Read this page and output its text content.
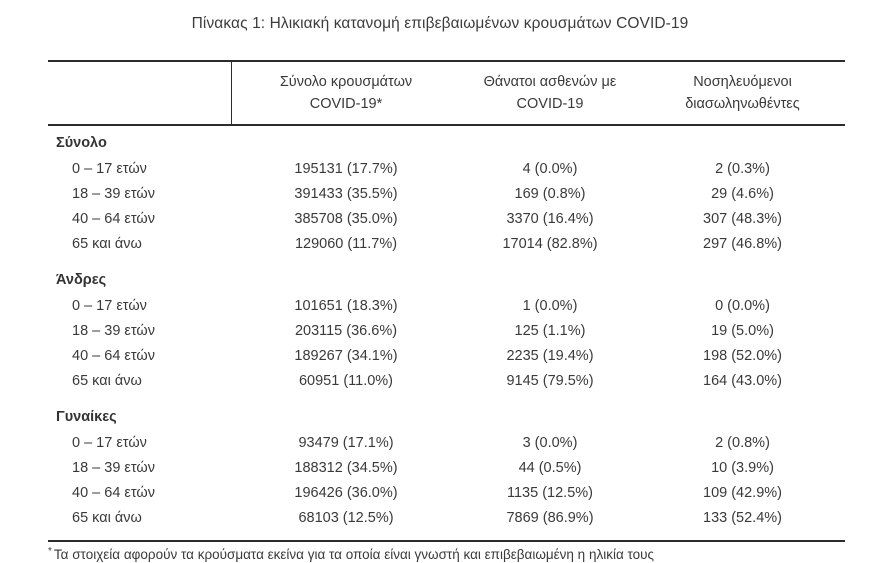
Πίνακας 1: Ηλικιακή κατανομή επιβεβαιωμένων κρουσμάτων COVID-19
Σύνολο κρουσμάτων
COVID-19*
Θάνατοι ασθενών με
COVID-19
Νοσηλευόμενοι
διασωληνωθέντες
Σύνολο
0 – 17 ετών	195131 (17.7%)	4 (0.0%)	2 (0.3%)
18 – 39 ετών	391433 (35.5%)	169 (0.8%)	29 (4.6%)
40 – 64 ετών	385708 (35.0%)	3370 (16.4%)	307 (48.3%)
65 και άνω	129060 (11.7%)	17014 (82.8%)	297 (46.8%)
Άνδρες
0 – 17 ετών	101651 (18.3%)	1 (0.0%)	0 (0.0%)
18 – 39 ετών	203115 (36.6%)	125 (1.1%)	19 (5.0%)
40 – 64 ετών	189267 (34.1%)	2235 (19.4%)	198 (52.0%)
65 και άνω	60951 (11.0%)	9145 (79.5%)	164 (43.0%)
Γυναίκες
0 – 17 ετών	93479 (17.1%)	3 (0.0%)	2 (0.8%)
18 – 39 ετών	188312 (34.5%)	44 (0.5%)	10 (3.9%)
40 – 64 ετών	196426 (36.0%)	1135 (12.5%)	109 (42.9%)
65 και άνω	68103 (12.5%)	7869 (86.9%)	133 (52.4%)
* Τα στοιχεία αφορούν τα κρούσματα εκείνα για τα οποία είναι γνωστή και επιβεβαιωμένη η ηλικία τους
